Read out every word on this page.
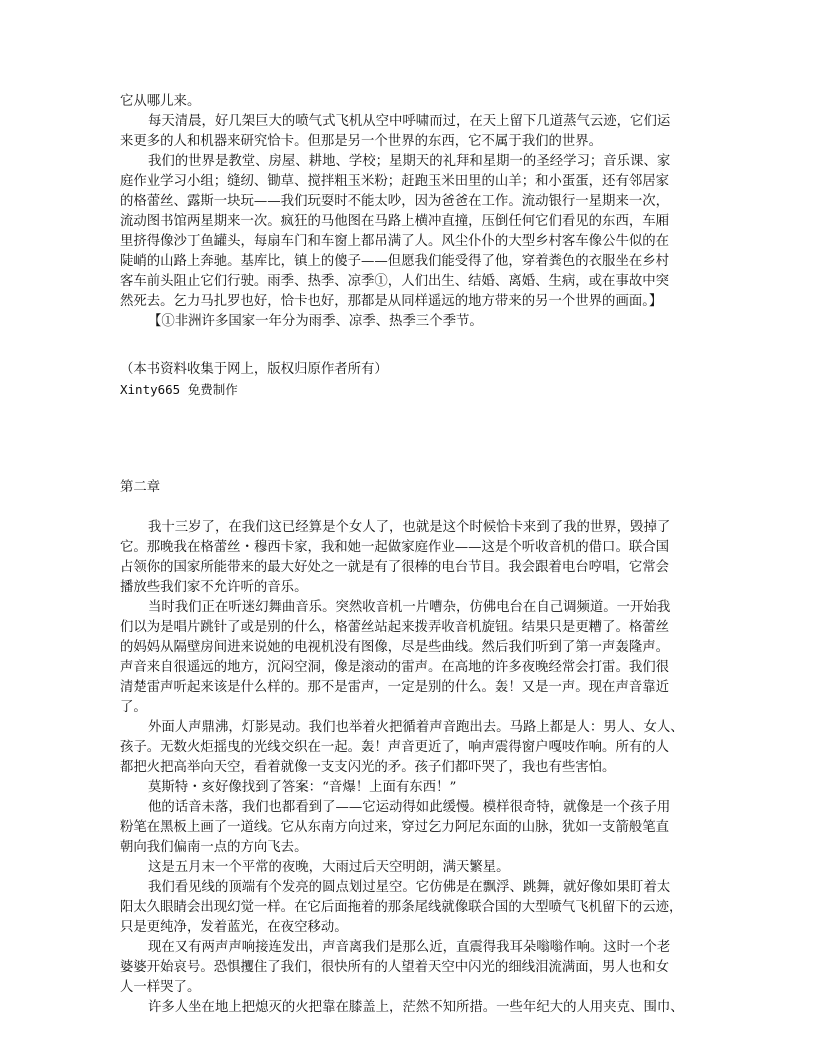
它从哪儿来。

每天清晨，好几架巨大的喷气式飞机从空中呼啸而过，在天上留下几道蒸气云迹，它们运

来更多的人和机器来研究恰卡。但那是另一个世界的东西，它不属于我们的世界。

我们的世界是教堂、房屋、耕地、学校；星期天的礼拜和星期一的圣经学习；音乐课、家

庭作业学习小组；缝纫、锄草、搅拌粗玉米粉；赶跑玉米田里的山羊；和小蛋蛋，还有邻居家

的格蕾丝、露斯一块玩——我们玩耍时不能太吵，因为爸爸在工作。流动银行一星期来一次，

流动图书馆两星期来一次。疯狂的马他图在马路上横冲直撞，压倒任何它们看见的东西，车厢

里挤得像沙丁鱼罐头，每扇车门和车窗上都吊满了人。风尘仆仆的大型乡村客车像公牛似的在

陡峭的山路上奔驰。基库比，镇上的傻子——但愿我们能受得了他，穿着粪色的衣服坐在乡村

客车前头阻止它们行驶。雨季、热季、凉季①，人们出生、结婚、离婚、生病，或在事故中突

然死去。乞力马扎罗也好，恰卡也好，那都是从同样遥远的地方带来的另一个世界的画面。】

【①非洲许多国家一年分为雨季、凉季、热季三个季节。

（本书资料收集于网上，版权归原作者所有）

Xinty665 免费制作

第二章

我十三岁了，在我们这已经算是个女人了，也就是这个时候恰卡来到了我的世界，毁掉了

它。那晚我在格蕾丝・穆西卡家，我和她一起做家庭作业——这是个听收音机的借口。联合国

占领你的国家所能带来的最大好处之一就是有了很棒的电台节目。我会跟着电台哼唱，它常会

播放些我们家不允许听的音乐。

当时我们正在听迷幻舞曲音乐。突然收音机一片嘈杂，仿佛电台在自己调频道。一开始我

们以为是唱片跳针了或是别的什么，格蕾丝站起来拨弄收音机旋钮。结果只是更糟了。格蕾丝

的妈妈从隔壁房间进来说她的电视机没有图像，尽是些曲线。然后我们听到了第一声轰隆声。

声音来自很遥远的地方，沉闷空洞，像是滚动的雷声。在高地的许多夜晚经常会打雷。我们很

清楚雷声听起来该是什么样的。那不是雷声，一定是别的什么。轰！又是一声。现在声音靠近

了。

外面人声鼎沸，灯影晃动。我们也举着火把循着声音跑出去。马路上都是人：男人、女人、

孩子。无数火炬摇曳的光线交织在一起。轰！声音更近了，响声震得窗户嘎吱作响。所有的人

都把火把高举向天空，看着就像一支支闪光的矛。孩子们都吓哭了，我也有些害怕。

莫斯特・亥好像找到了答案：“音爆！上面有东西！”

他的话音未落，我们也都看到了——它运动得如此缓慢。模样很奇特，就像是一个孩子用

粉笔在黑板上画了一道线。它从东南方向过来，穿过乞力阿尼东面的山脉，犹如一支箭般笔直

朝向我们偏南一点的方向飞去。

这是五月末一个平常的夜晚，大雨过后天空明朗，满天繁星。

我们看见线的顶端有个发亮的圆点划过星空。它仿佛是在飘浮、跳舞，就好像如果盯着太

阳太久眼睛会出现幻觉一样。在它后面拖着的那条尾线就像联合国的大型喷气飞机留下的云迹，

只是更纯净，发着蓝光，在夜空移动。

现在又有两声声响接连发出，声音离我们是那么近，直震得我耳朵嗡嗡作响。这时一个老

婆婆开始哀号。恐惧攫住了我们，很快所有的人望着天空中闪光的细线泪流满面，男人也和女

人一样哭了。

许多人坐在地上把熄灭的火把靠在膝盖上，茫然不知所措。一些年纪大的人用夹克、围巾、
